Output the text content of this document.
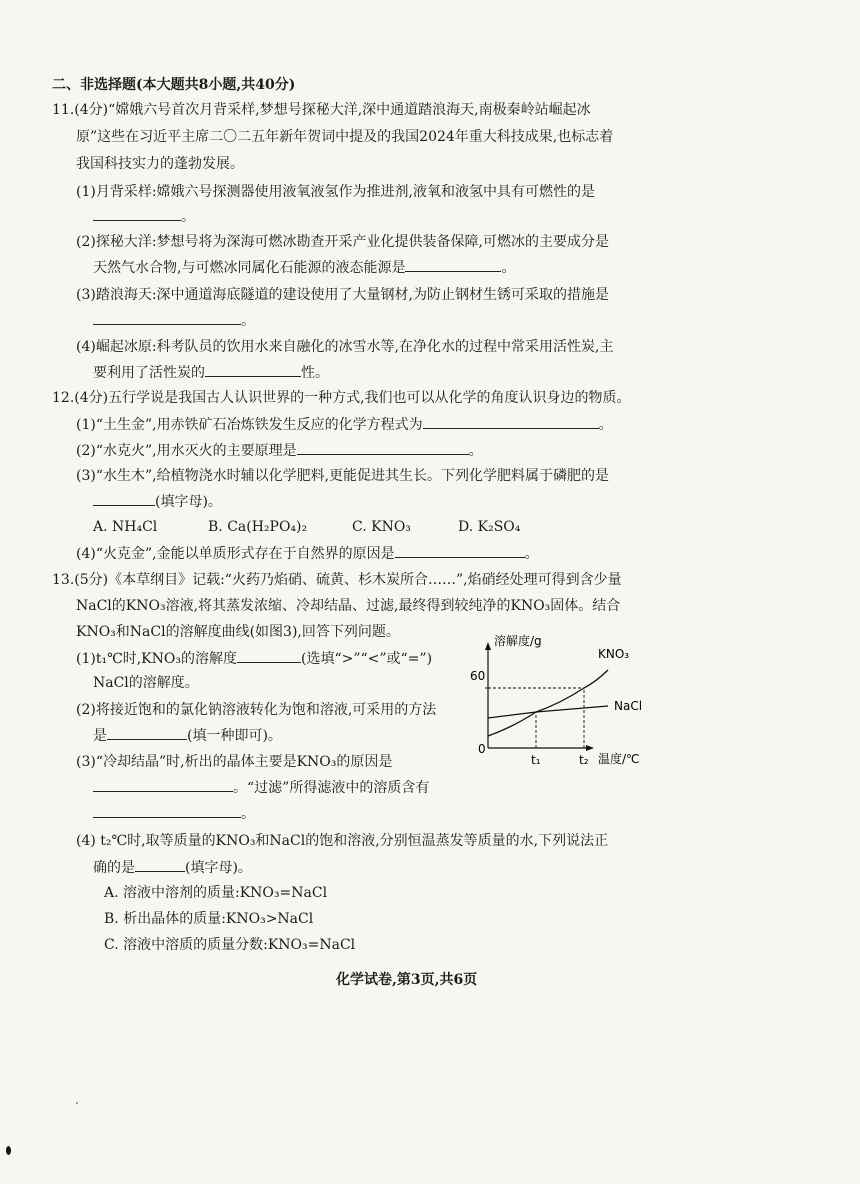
二、非选择题(本大题共8小题,共40分)
11.(4分)“嫦娥六号首次月背采样,梦想号探秘大洋,深中通道踏浪海天,南极秦岭站崛起冰
原”这些在习近平主席二〇二五年新年贺词中提及的我国2024年重大科技成果,也标志着
我国科技实力的蓬勃发展。
(1)月背采样:嫦娥六号探测器使用液氧液氢作为推进剂,液氧和液氢中具有可燃性的是
。
(2)探秘大洋:梦想号将为深海可燃冰勘查开采产业化提供装备保障,可燃冰的主要成分是
天然气水合物,与可燃冰同属化石能源的液态能源是	。
(3)踏浪海天:深中通道海底隧道的建设使用了大量钢材,为防止钢材生锈可采取的措施是
。
(4)崛起冰原:科考队员的饮用水来自融化的冰雪水等,在净化水的过程中常采用活性炭,主
要利用了活性炭的	性。
12.(4分)五行学说是我国古人认识世界的一种方式,我们也可以从化学的角度认识身边的物质。
(1)“土生金”,用赤铁矿石冶炼铁发生反应的化学方程式为	。
(2)“水克火”,用水灭火的主要原理是	。
(3)“水生木”,给植物浇水时辅以化学肥料,更能促进其生长。下列化学肥料属于磷肥的是
(填字母)。
A. NH₄Cl	B. Ca(H₂PO₄)₂	C. KNO₃	D. K₂SO₄
(4)“火克金”,金能以单质形式存在于自然界的原因是	。
13.(5分)《本草纲目》记载:“火药乃焰硝、硫黄、杉木炭所合……”,焰硝经处理可得到含少量
NaCl的KNO₃溶液,将其蒸发浓缩、冷却结晶、过滤,最终得到较纯净的KNO₃固体。结合
KNO₃和NaCl的溶解度曲线(如图3),回答下列问题。
(1)t₁℃时,KNO₃的溶解度	(选填“>”“<”或“=”)
NaCl的溶解度。
(2)将接近饱和的氯化钠溶液转化为饱和溶液,可采用的方法
是	(填一种即可)。
(3)“冷却结晶”时,析出的晶体主要是KNO₃的原因是
。“过滤”所得滤液中的溶质含有
。
(4) t₂℃时,取等质量的KNO₃和NaCl的饱和溶液,分别恒温蒸发等质量的水,下列说法正
确的是	(填字母)。
A. 溶液中溶剂的质量:KNO₃=NaCl
B. 析出晶体的质量:KNO₃>NaCl
C. 溶液中溶质的质量分数:KNO₃=NaCl
溶解度/g
温度/℃
0
60
t₁	t₂
KNO₃
NaCl
化学试卷,第3页,共6页
